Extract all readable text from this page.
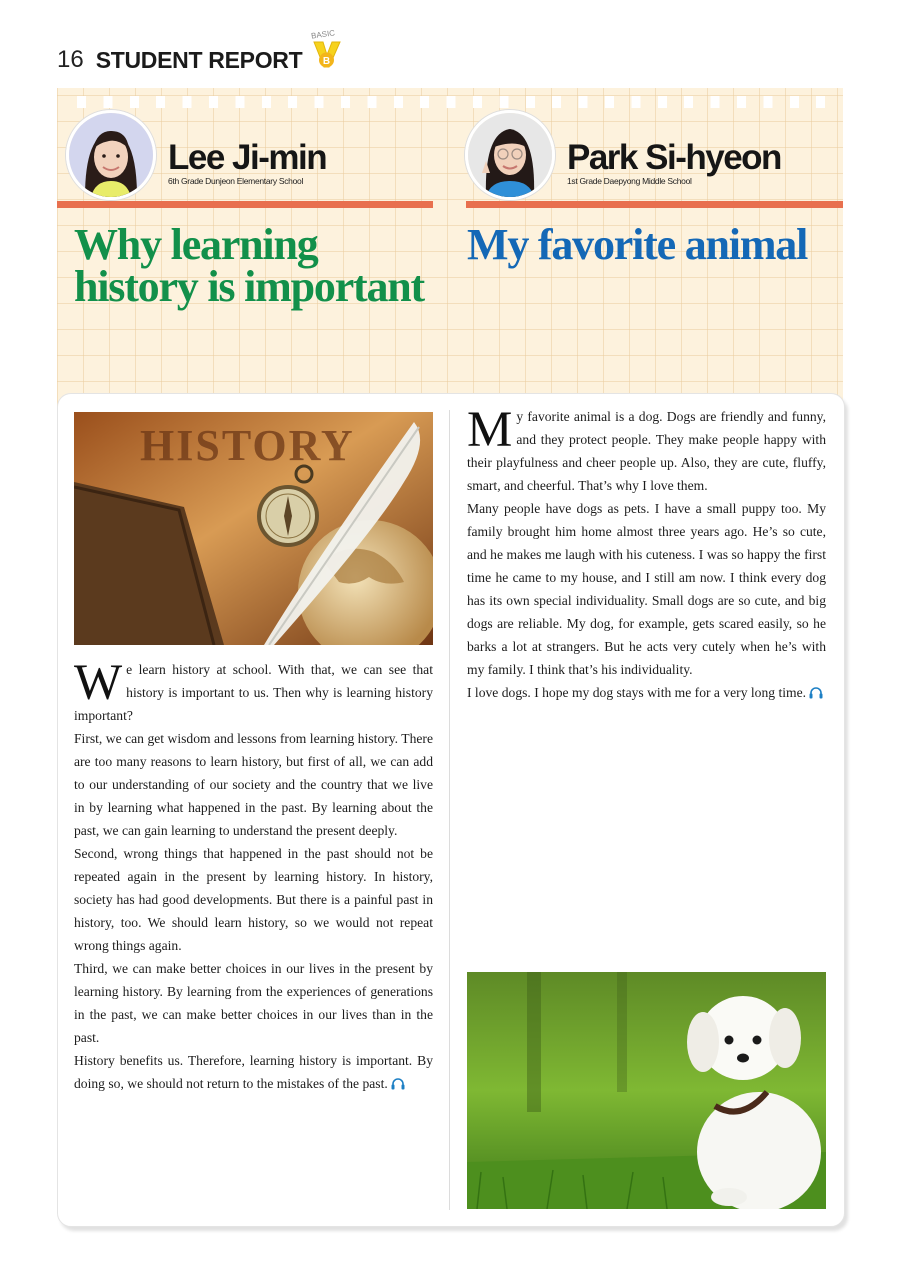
16 STUDENT REPORT
BASIC
B
Lee Ji-min
6th Grade Dunjeon Elementary School
Park Si-hyeon
1st Grade Daepyong Middle School
Why learning history is important
My favorite animal
HISTORY

We learn history at school. With that, we can see that history is important to us. Then why is learning history important?

First, we can get wisdom and lessons from learning history. There are too many reasons to learn history, but first of all, we can add to our understanding of our society and the country that we live in by learning what happened in the past. By learning about the past, we can gain learning to understand the present deeply.

Second, wrong things that happened in the past should not be repeated again in the present by learning history. In history, society has had good developments. But there is a painful past in history, too. We should learn history, so we would not repeat wrong things again.

Third, we can make better choices in our lives in the present by learning history. By learning from the experiences of generations in the past, we can make better choices in our lives than in the past.

History benefits us. Therefore, learning history is important. By doing so, we should not return to the mistakes of the past.

My favorite animal is a dog. Dogs are friendly and funny, and they protect people. They make people happy with their playfulness and cheer people up. Also, they are cute, fluffy, smart, and cheerful. That’s why I love them.

Many people have dogs as pets. I have a small puppy too. My family brought him home almost three years ago. He’s so cute, and he makes me laugh with his cuteness. I was so happy the first time he came to my house, and I still am now. I think every dog has its own special individuality. Small dogs are so cute, and big dogs are reliable. My dog, for example, gets scared easily, so he barks a lot at strangers. But he acts very cutely when he’s with my family. I think that’s his individuality.

I love dogs. I hope my dog stays with me for a very long time.
